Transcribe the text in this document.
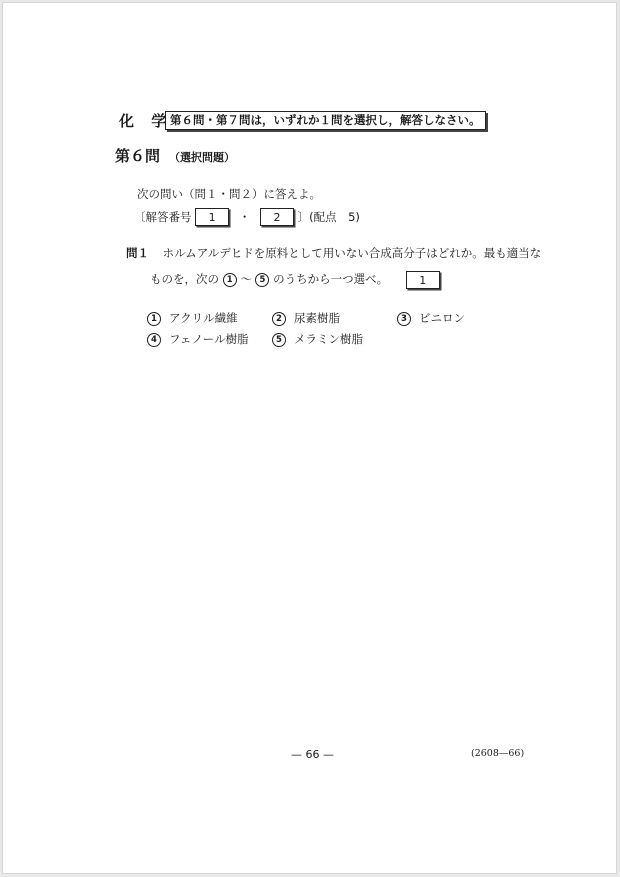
化 学
第６問・第７問は，いずれか１問を選択し，解答しなさい。
第６問 （選択問題）
次の問い（問１・問２）に答えよ。
〔解答番号 1 ・ 2 〕(配点　5)
問１ ホルムアルデヒドを原料として用いない合成高分子はどれか。最も適当な
ものを，次の 1 〜 5 のうちから一つ選べ。	1
1 アクリル繊維	2 尿素樹脂	3 ビニロン
4 フェノール樹脂	5 メラミン樹脂
— 66 —	(2608—66)
